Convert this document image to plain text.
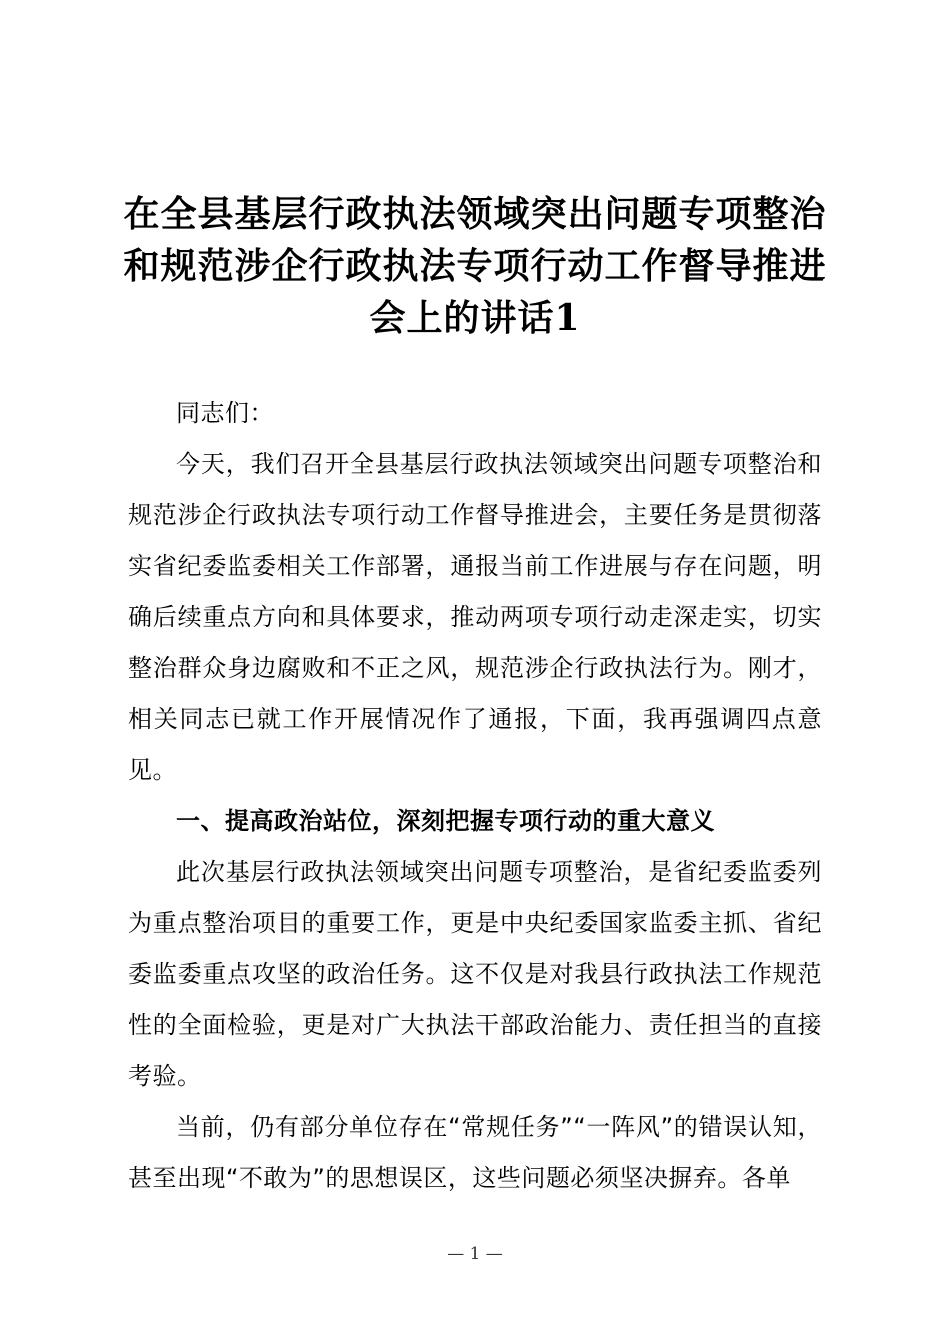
在全县基层行政执法领域突出问题专项整治和规范涉企行政执法专项行动工作督导推进会上的讲话1

同志们：

今天，我们召开全县基层行政执法领域突出问题专项整治和规范涉企行政执法专项行动工作督导推进会，主要任务是贯彻落实省纪委监委相关工作部署，通报当前工作进展与存在问题，明确后续重点方向和具体要求，推动两项专项行动走深走实，切实整治群众身边腐败和不正之风，规范涉企行政执法行为。刚才，相关同志已就工作开展情况作了通报，下面，我再强调四点意见。

一、提高政治站位，深刻把握专项行动的重大意义

此次基层行政执法领域突出问题专项整治，是省纪委监委列为重点整治项目的重要工作，更是中央纪委国家监委主抓、省纪委监委重点攻坚的政治任务。这不仅是对我县行政执法工作规范性的全面检验，更是对广大执法干部政治能力、责任担当的直接考验。

当前，仍有部分单位存在“常规任务”“一阵风”的错误认知，甚至出现“不敢为”的思想误区，这些问题必须坚决摒弃。各单

— 1 —
